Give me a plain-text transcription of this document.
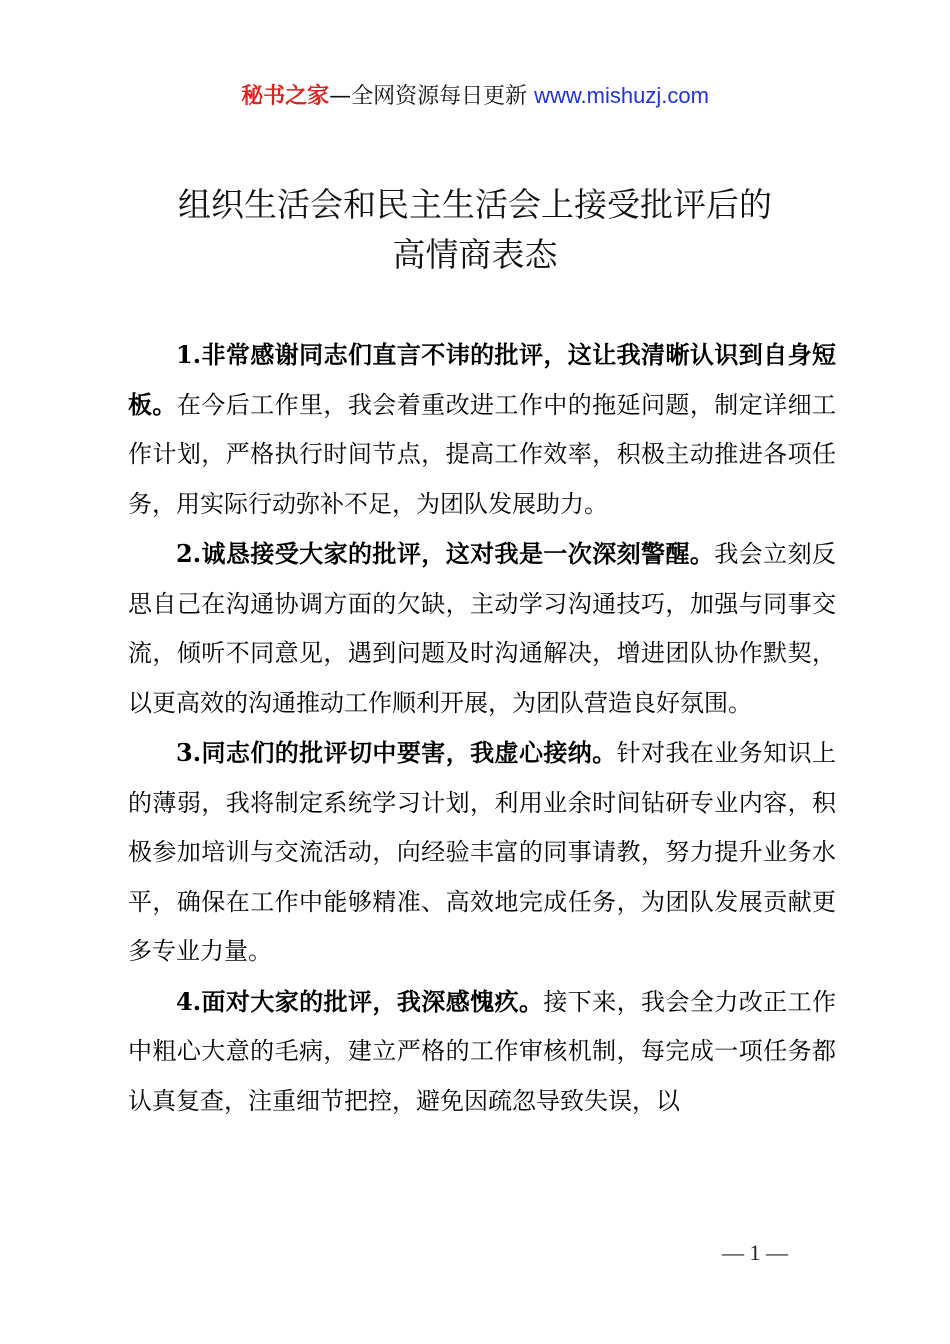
秘书之家—全网资源每日更新 www.mishuzj.com
组织生活会和民主生活会上接受批评后的
高情商表态

1.非常感谢同志们直言不讳的批评，这让我清晰认识到自身短板。在今后工作里，我会着重改进工作中的拖延问题，制定详细工作计划，严格执行时间节点，提高工作效率，积极主动推进各项任务，用实际行动弥补不足，为团队发展助力。

2.诚恳接受大家的批评，这对我是一次深刻警醒。我会立刻反思自己在沟通协调方面的欠缺，主动学习沟通技巧，加强与同事交流，倾听不同意见，遇到问题及时沟通解决，增进团队协作默契，以更高效的沟通推动工作顺利开展，为团队营造良好氛围。

3.同志们的批评切中要害，我虚心接纳。针对我在业务知识上的薄弱，我将制定系统学习计划，利用业余时间钻研专业内容，积极参加培训与交流活动，向经验丰富的同事请教，努力提升业务水平，确保在工作中能够精准、高效地完成任务，为团队发展贡献更多专业力量。

4.面对大家的批评，我深感愧疚。接下来，我会全力改正工作中粗心大意的毛病，建立严格的工作审核机制，每完成一项任务都认真复查，注重细节把控，避免因疏忽导致失误，以

— 1 —
